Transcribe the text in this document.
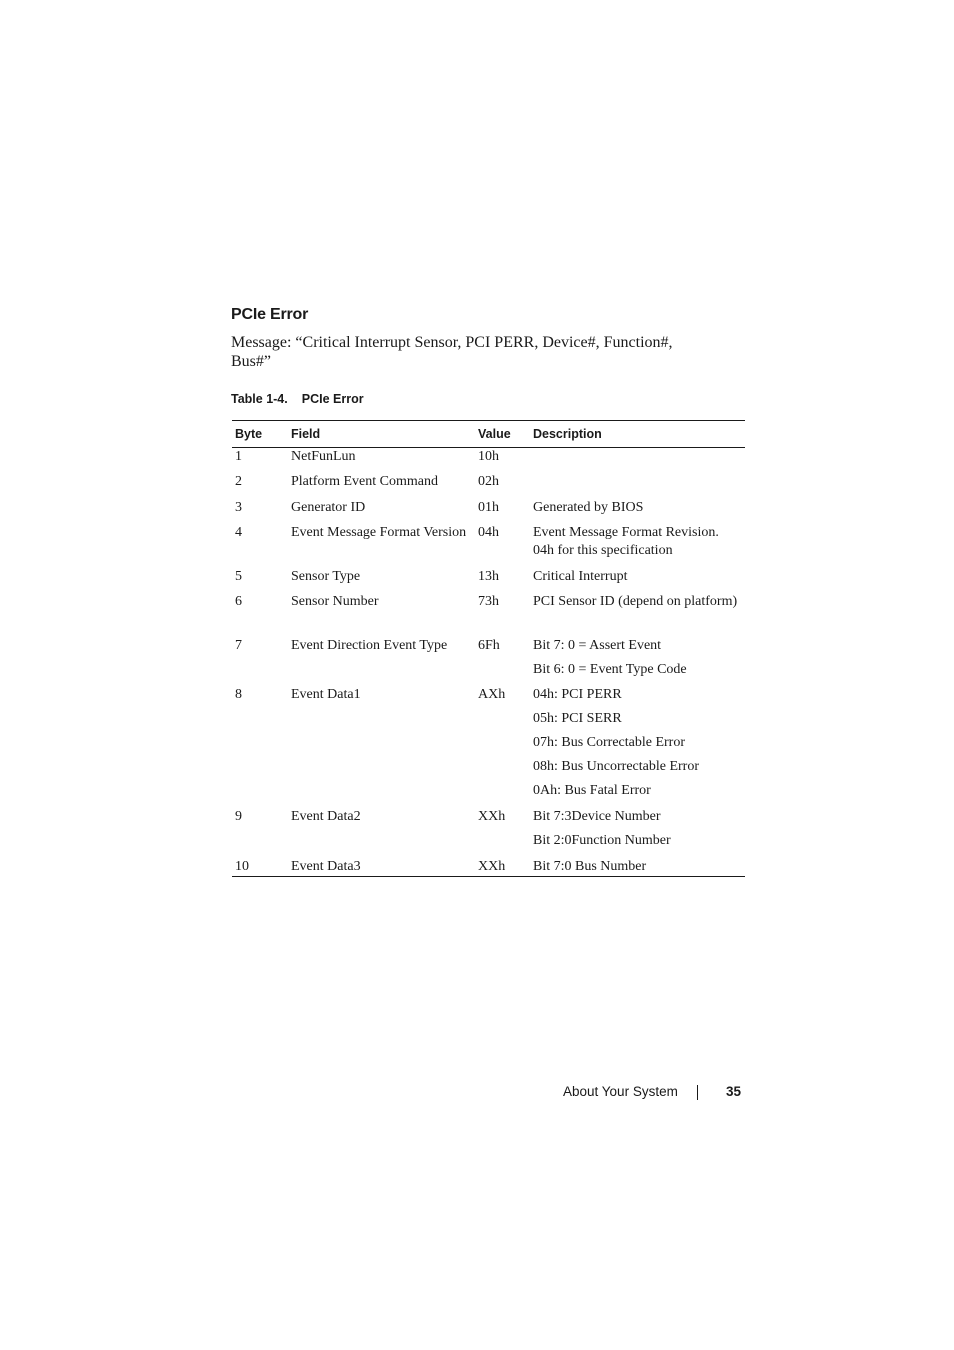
PCIe Error

Message: “Critical Interrupt Sensor, PCI PERR, Device#, Function#, Bus#”

Table 1-4. PCIe Error

Byte	Field	Value	Description
1	NetFunLun	10h	
2	Platform Event Command	02h	
3	Generator ID	01h	Generated by BIOS

4	Event Message Format Version	04h	Event Message Format Revision. 04h for this specification

5	Sensor Type	13h	Critical Interrupt

6	Sensor Number	73h	PCI Sensor ID (depend on platform)

7	Event Direction Event Type	6Fh	Bit 7: 0 = Assert Event
Bit 6: 0 = Event Type Code

8	Event Data1	AXh	04h: PCI PERR
05h: PCI SERR
07h: Bus Correctable Error
08h: Bus Uncorrectable Error
0Ah: Bus Fatal Error

9	Event Data2	XXh	Bit 7:3Device Number
Bit 2:0Function Number

10	Event Data3	XXh	Bit 7:0 Bus Number
About Your System	35
